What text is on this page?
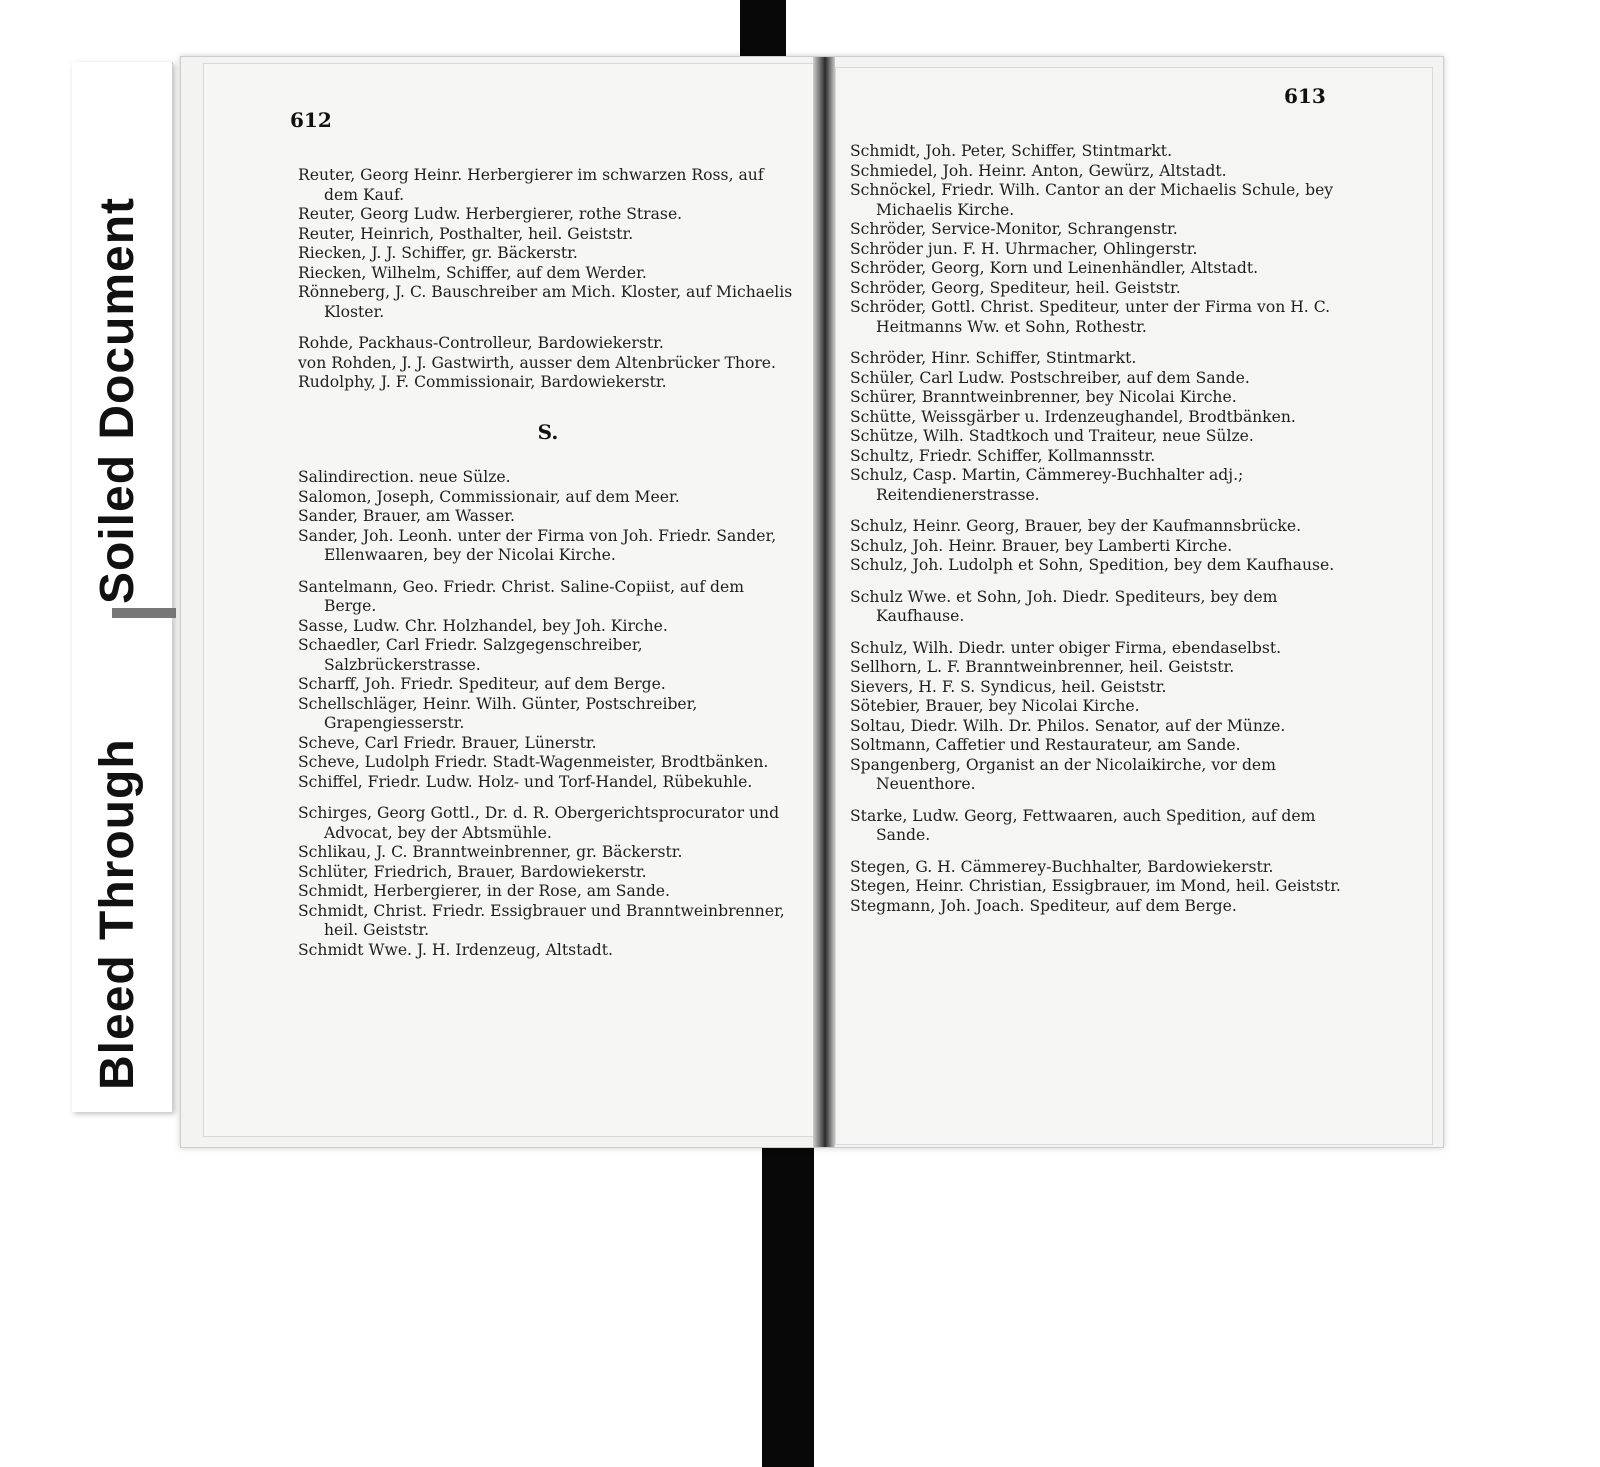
Soiled Document
Bleed Through
612
Reuter, Georg Heinr. Herbergierer im schwarzen Ross, auf dem Kauf.
Reuter, Georg Ludw. Herbergierer, rothe Strase.
Reuter, Heinrich, Posthalter, heil. Geiststr.
Riecken, J. J. Schiffer, gr. Bäckerstr.
Riecken, Wilhelm, Schiffer, auf dem Werder.
Rönneberg, J. C. Bauschreiber am Mich. Kloster, auf Michaelis Kloster.
Rohde, Packhaus-Controlleur, Bardowiekerstr.
von Rohden, J. J. Gastwirth, ausser dem Altenbrücker Thore.
Rudolphy, J. F. Commissionair, Bardowiekerstr.
S.
Salindirection. neue Sülze.
Salomon, Joseph, Commissionair, auf dem Meer.
Sander, Brauer, am Wasser.
Sander, Joh. Leonh. unter der Firma von Joh. Friedr. Sander, Ellenwaaren, bey der Nicolai Kirche.
Santelmann, Geo. Friedr. Christ. Saline-Copiist, auf dem Berge.
Sasse, Ludw. Chr. Holzhandel, bey Joh. Kirche.
Schaedler, Carl Friedr. Salzgegenschreiber, Salzbrückerstrasse.
Scharff, Joh. Friedr. Spediteur, auf dem Berge.
Schellschläger, Heinr. Wilh. Günter, Postschreiber, Grapengiesserstr.
Scheve, Carl Friedr. Brauer, Lünerstr.
Scheve, Ludolph Friedr. Stadt-Wagenmeister, Brodtbänken.
Schiffel, Friedr. Ludw. Holz- und Torf-Handel, Rübekuhle.
Schirges, Georg Gottl., Dr. d. R. Obergerichtsprocurator und Advocat, bey der Abtsmühle.
Schlikau, J. C. Branntweinbrenner, gr. Bäckerstr.
Schlüter, Friedrich, Brauer, Bardowiekerstr.
Schmidt, Herbergierer, in der Rose, am Sande.
Schmidt, Christ. Friedr. Essigbrauer und Branntweinbrenner, heil. Geiststr.
Schmidt Wwe. J. H. Irdenzeug, Altstadt.
613
Schmidt, Joh. Peter, Schiffer, Stintmarkt.
Schmiedel, Joh. Heinr. Anton, Gewürz, Altstadt.
Schnöckel, Friedr. Wilh. Cantor an der Michaelis Schule, bey Michaelis Kirche.
Schröder, Service-Monitor, Schrangenstr.
Schröder jun. F. H. Uhrmacher, Ohlingerstr.
Schröder, Georg, Korn und Leinenhändler, Altstadt.
Schröder, Georg, Spediteur, heil. Geiststr.
Schröder, Gottl. Christ. Spediteur, unter der Firma von H. C. Heitmanns Ww. et Sohn, Rothestr.
Schröder, Hinr. Schiffer, Stintmarkt.
Schüler, Carl Ludw. Postschreiber, auf dem Sande.
Schürer, Branntweinbrenner, bey Nicolai Kirche.
Schütte, Weissgärber u. Irdenzeughandel, Brodtbänken.
Schütze, Wilh. Stadtkoch und Traiteur, neue Sülze.
Schultz, Friedr. Schiffer, Kollmannsstr.
Schulz, Casp. Martin, Cämmerey-Buchhalter adj.; Reitendienerstrasse.
Schulz, Heinr. Georg, Brauer, bey der Kaufmannsbrücke.
Schulz, Joh. Heinr. Brauer, bey Lamberti Kirche.
Schulz, Joh. Ludolph et Sohn, Spedition, bey dem Kaufhause.
Schulz Wwe. et Sohn, Joh. Diedr. Spediteurs, bey dem Kaufhause.
Schulz, Wilh. Diedr. unter obiger Firma, ebendaselbst.
Sellhorn, L. F. Branntweinbrenner, heil. Geiststr.
Sievers, H. F. S. Syndicus, heil. Geiststr.
Sötebier, Brauer, bey Nicolai Kirche.
Soltau, Diedr. Wilh. Dr. Philos. Senator, auf der Münze.
Soltmann, Caffetier und Restaurateur, am Sande.
Spangenberg, Organist an der Nicolaikirche, vor dem Neuenthore.
Starke, Ludw. Georg, Fettwaaren, auch Spedition, auf dem Sande.
Stegen, G. H. Cämmerey-Buchhalter, Bardowiekerstr.
Stegen, Heinr. Christian, Essigbrauer, im Mond, heil. Geiststr.
Stegmann, Joh. Joach. Spediteur, auf dem Berge.
